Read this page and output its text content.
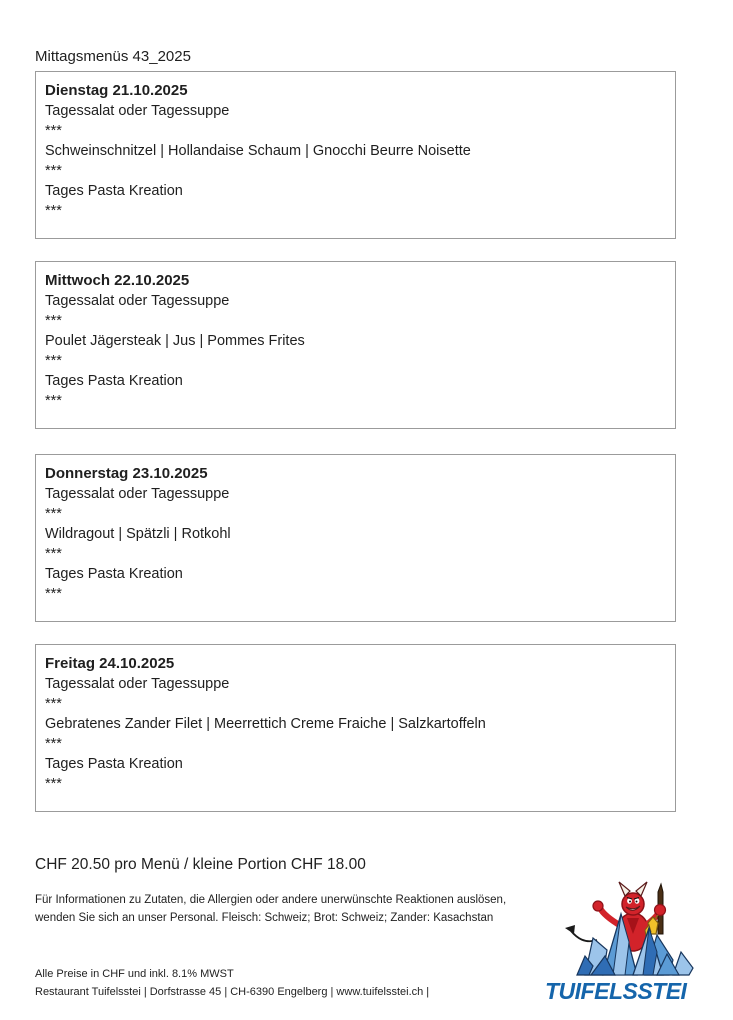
Mittagsmenüs 43_2025
Dienstag 21.10.2025
Tagessalat oder Tagessuppe
***
Schweinschnitzel | Hollandaise Schaum | Gnocchi Beurre Noisette
***
Tages Pasta Kreation
***
Mittwoch 22.10.2025
Tagessalat oder Tagessuppe
***
Poulet Jägersteak | Jus | Pommes Frites
***
Tages Pasta Kreation
***
Donnerstag 23.10.2025
Tagessalat oder Tagessuppe
***
Wildragout | Spätzli | Rotkohl
***
Tages Pasta Kreation
***
Freitag 24.10.2025
Tagessalat oder Tagessuppe
***
Gebratenes Zander Filet | Meerrettich Creme Fraiche | Salzkartoffeln
***
Tages Pasta Kreation
***
CHF 20.50 pro Menü / kleine Portion CHF 18.00
Für Informationen zu Zutaten, die Allergien oder andere unerwünschte Reaktionen auslösen,
wenden Sie sich an unser Personal. Fleisch: Schweiz; Brot: Schweiz; Zander: Kasachstan
Alle Preise in CHF und inkl. 8.1% MWST
Restaurant Tuifelsstei | Dorfstrasse 45 | CH-6390 Engelberg | www.tuifelsstei.ch |	TUIFELSSTEI
